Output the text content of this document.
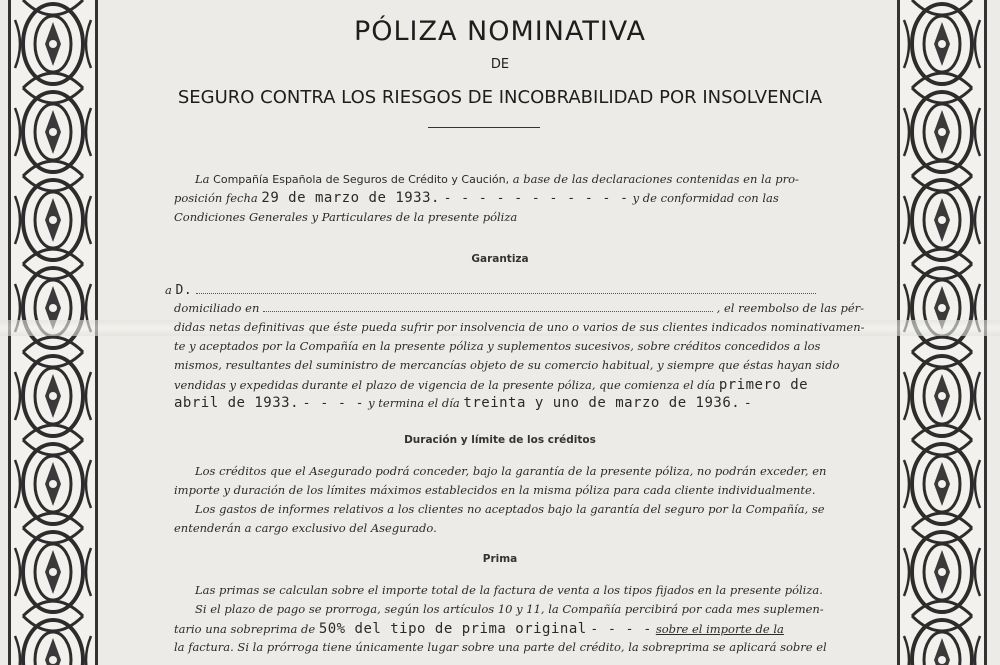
PÓLIZA NOMINATIVA
DE
SEGURO CONTRA LOS RIESGOS DE INCOBRABILIDAD POR INSOLVENCIA
La Compañía Española de Seguros de Crédito y Caución, a base de las declaraciones contenidas en la pro-
posición fecha 29 de marzo de 1933. - - - - - - - - - - - y de conformidad con las
Condiciones Generales y Particulares de la presente póliza
Garantiza
a D.
domiciliado en	, el reembolso de las pér-
didas netas definitivas que éste pueda sufrir por insolvencia de uno o varios de sus clientes indicados nominativamen-
te y aceptados por la Compañía en la presente póliza y suplementos sucesivos, sobre créditos concedidos a los
mismos, resultantes del suministro de mercancías objeto de su comercio habitual, y siempre que éstas hayan sido
vendidas y expedidas durante el plazo de vigencia de la presente póliza, que comienza el día primero de
abril de 1933. - - - - y termina el día treinta y uno de marzo de 1936. -
Duración y límite de los créditos
Los créditos que el Asegurado podrá conceder, bajo la garantía de la presente póliza, no podrán exceder, en
importe y duración de los límites máximos establecidos en la misma póliza para cada cliente individualmente.
Los gastos de informes relativos a los clientes no aceptados bajo la garantía del seguro por la Compañía, se
entenderán a cargo exclusivo del Asegurado.
Prima
Las primas se calculan sobre el importe total de la factura de venta a los tipos fijados en la presente póliza.
Si el plazo de pago se prorroga, según los artículos 10 y 11, la Compañía percibirá por cada mes suplemen-
tario una sobreprima de 50% del tipo de prima original - - - - sobre el importe de la
la factura. Si la prórroga tiene únicamente lugar sobre una parte del crédito, la sobreprima se aplicará sobre el
